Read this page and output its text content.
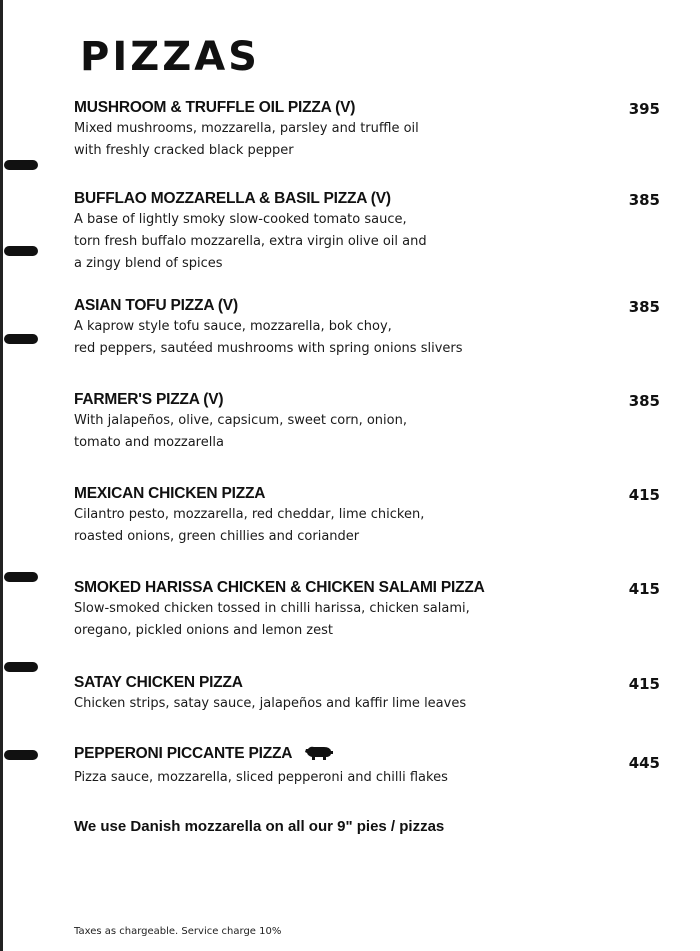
PIZZAS
MUSHROOM & TRUFFLE OIL PIZZA (V)
Mixed mushrooms, mozzarella, parsley and truffle oil
with freshly cracked black pepper
395
BUFFLAO MOZZARELLA & BASIL PIZZA (V)
A base of lightly smoky slow-cooked tomato sauce,
torn fresh buffalo mozzarella, extra virgin olive oil and
a zingy blend of spices
385
ASIAN TOFU PIZZA (V)
A kaprow style tofu sauce, mozzarella, bok choy,
red peppers, sautéed mushrooms with spring onions slivers
385
FARMER'S PIZZA (V)
With jalapeños, olive, capsicum, sweet corn, onion,
tomato and mozzarella
385
MEXICAN CHICKEN PIZZA
Cilantro pesto, mozzarella, red cheddar, lime chicken,
roasted onions, green chillies and coriander
415
SMOKED HARISSA CHICKEN & CHICKEN SALAMI PIZZA
Slow-smoked chicken tossed in chilli harissa, chicken salami,
oregano, pickled onions and lemon zest
415
SATAY CHICKEN PIZZA
Chicken strips, satay sauce, jalapeños and kaffir lime leaves
415
PEPPERONI PICCANTE PIZZA
Pizza sauce, mozzarella, sliced pepperoni and chilli flakes
445
We use Danish mozzarella on all our 9" pies / pizzas
Taxes as chargeable. Service charge 10%
